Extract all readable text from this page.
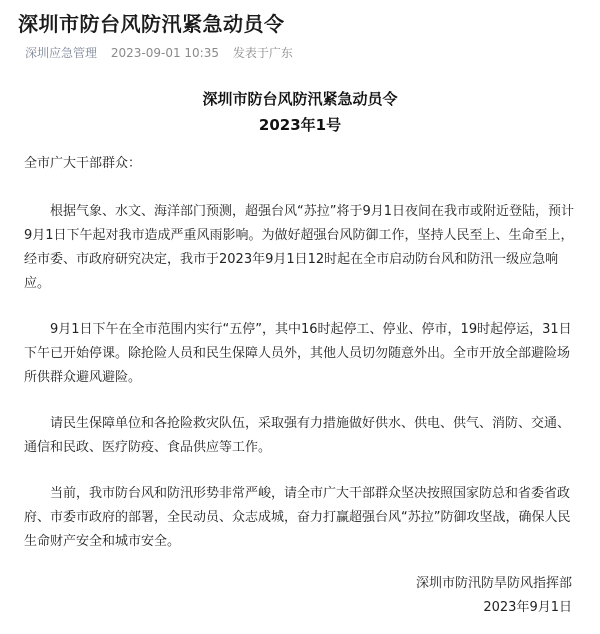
深圳市防台风防汛紧急动员令
深圳应急管理 2023-09-01 10:35 发表于广东
深圳市防台风防汛紧急动员令
2023年1号

全市广大干部群众：

根据气象、水文、海洋部门预测，超强台风“苏拉”将于9月1日夜间在我市或附近登陆，预计9月1日下午起对我市造成严重风雨影响。为做好超强台风防御工作，坚持人民至上、生命至上，经市委、市政府研究决定，我市于2023年9月1日12时起在全市启动防台风和防汛一级应急响应。

9月1日下午在全市范围内实行“五停”，其中16时起停工、停业、停市，19时起停运，31日下午已开始停课。除抢险人员和民生保障人员外，其他人员切勿随意外出。全市开放全部避险场所供群众避风避险。

请民生保障单位和各抢险救灾队伍，采取强有力措施做好供水、供电、供气、消防、交通、通信和民政、医疗防疫、食品供应等工作。

当前，我市防台风和防汛形势非常严峻，请全市广大干部群众坚决按照国家防总和省委省政府、市委市政府的部署，全民动员、众志成城，奋力打赢超强台风“苏拉”防御攻坚战，确保人民生命财产安全和城市安全。

深圳市防汛防旱防风指挥部
2023年9月1日
